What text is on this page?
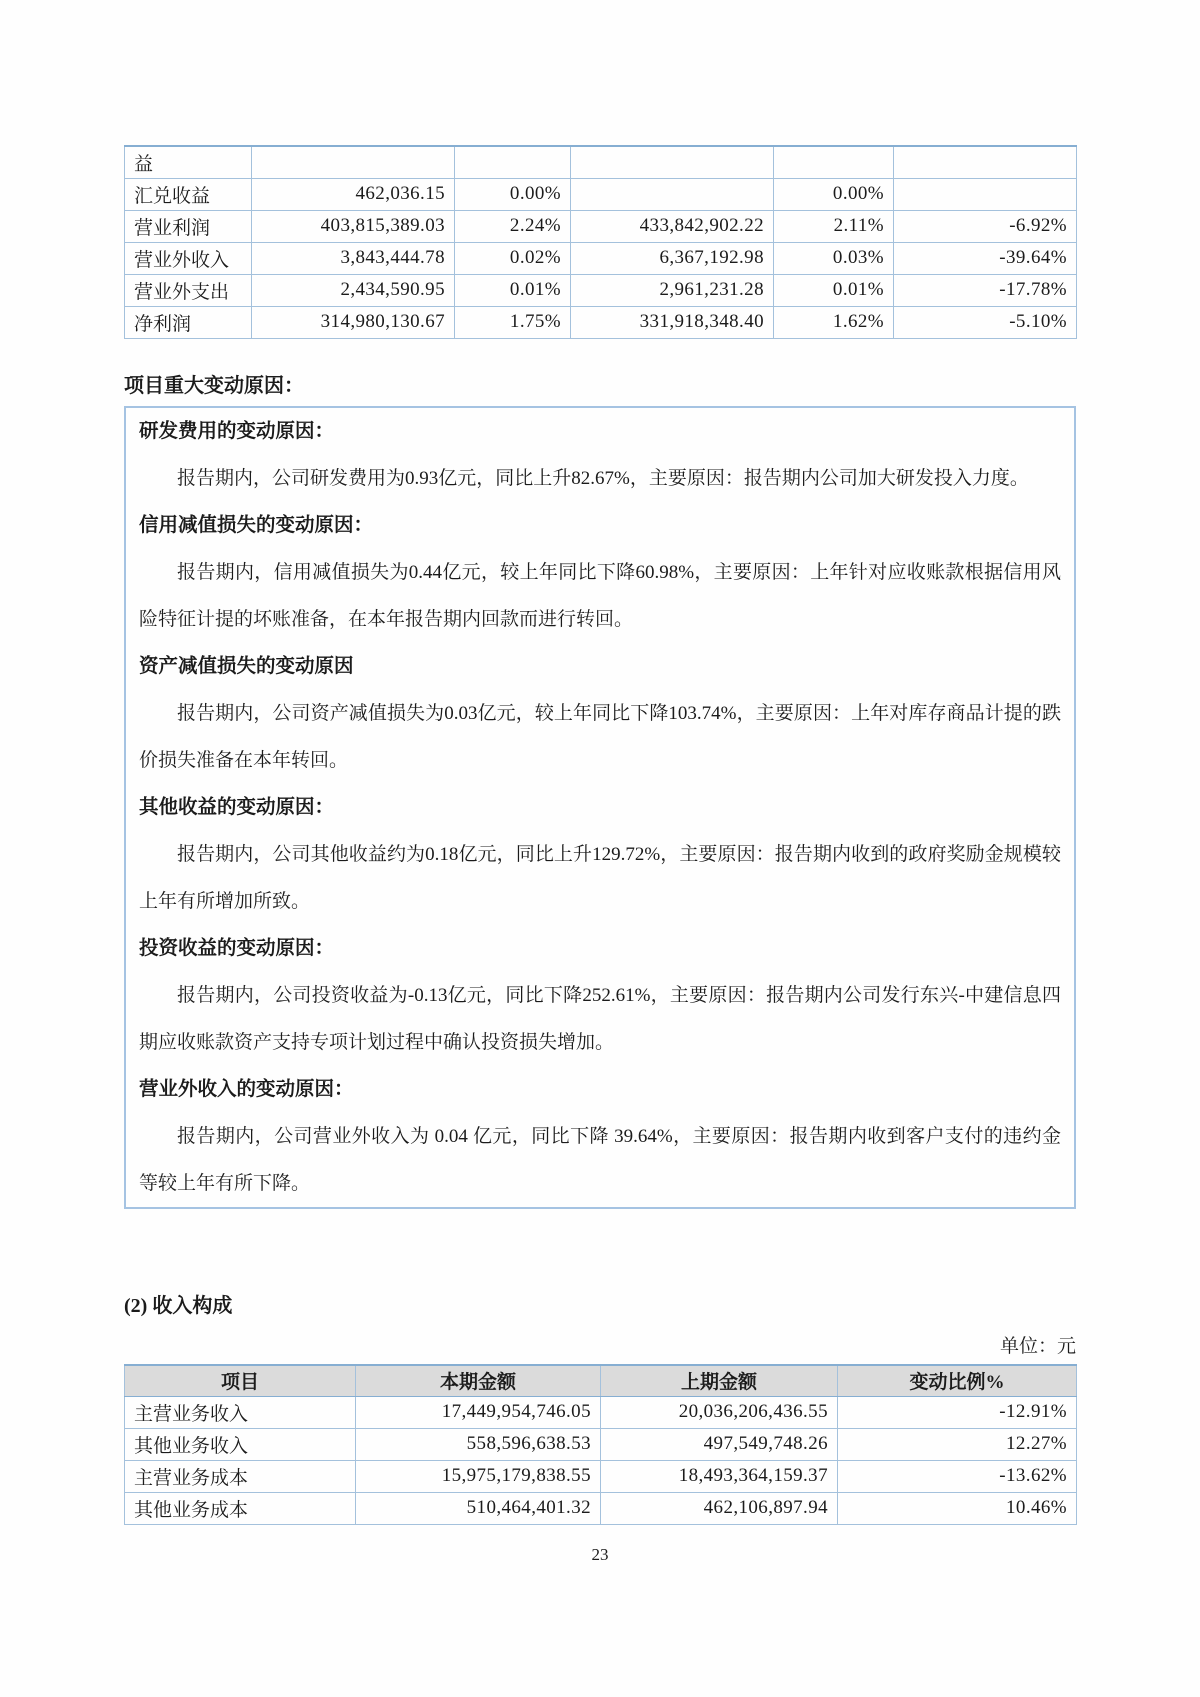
益					
汇兑收益	462,036.15	0.00%		0.00%	
营业利润	403,815,389.03	2.24%	433,842,902.22	2.11%	-6.92%
营业外收入	3,843,444.78	0.02%	6,367,192.98	0.03%	-39.64%
营业外支出	2,434,590.95	0.01%	2,961,231.28	0.01%	-17.78%
净利润	314,980,130.67	1.75%	331,918,348.40	1.62%	-5.10%
项目重大变动原因：
研发费用的变动原因：

报告期内，公司研发费用为0.93亿元，同比上升82.67%，主要原因：报告期内公司加大研发投入力度。

信用减值损失的变动原因：

报告期内，信用减值损失为0.44亿元，较上年同比下降60.98%，主要原因：上年针对应收账款根据信用风险特征计提的坏账准备，在本年报告期内回款而进行转回。

资产减值损失的变动原因

报告期内，公司资产减值损失为0.03亿元，较上年同比下降103.74%，主要原因：上年对库存商品计提的跌价损失准备在本年转回。

其他收益的变动原因：

报告期内，公司其他收益约为0.18亿元，同比上升129.72%，主要原因：报告期内收到的政府奖励金规模较上年有所增加所致。

投资收益的变动原因：

报告期内，公司投资收益为-0.13亿元，同比下降252.61%，主要原因：报告期内公司发行东兴-中建信息四期应收账款资产支持专项计划过程中确认投资损失增加。

营业外收入的变动原因：

报告期内，公司营业外收入为 0.04 亿元，同比下降 39.64%，主要原因：报告期内收到客户支付的违约金等较上年有所下降。

(2) 收入构成
单位：元
项目	本期金额	上期金额	变动比例%
主营业务收入	17,449,954,746.05	20,036,206,436.55	-12.91%
其他业务收入	558,596,638.53	497,549,748.26	12.27%
主营业务成本	15,975,179,838.55	18,493,364,159.37	-13.62%
其他业务成本	510,464,401.32	462,106,897.94	10.46%
23
